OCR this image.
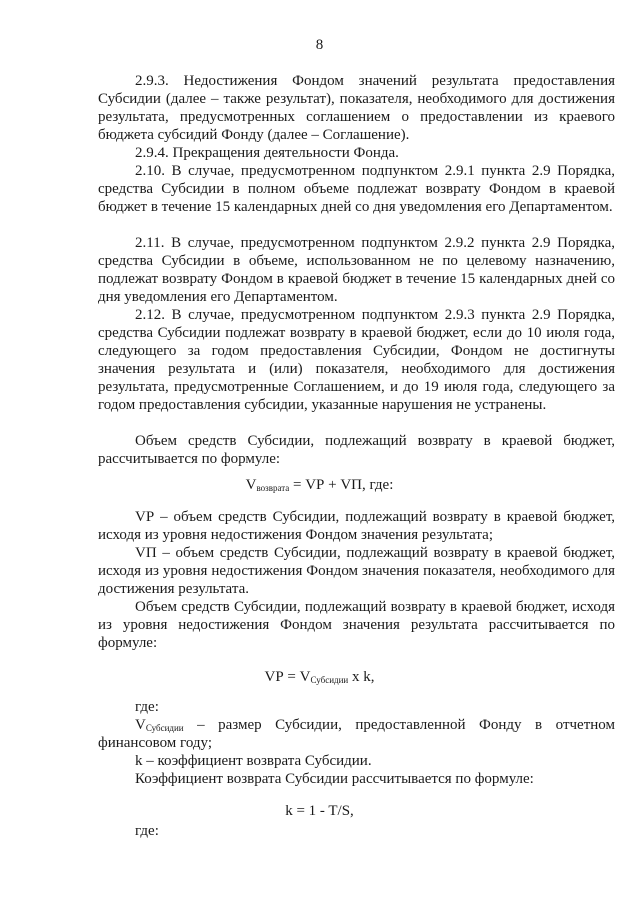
8

2.9.3. Недостижения Фондом значений результата предоставления Субсидии (далее – также результат), показателя, необходимого для достижения результата, предусмотренных соглашением о предоставлении из краевого бюджета субсидий Фонду (далее – Соглашение).

2.9.4. Прекращения деятельности Фонда.

2.10. В случае, предусмотренном подпунктом 2.9.1 пункта 2.9 Порядка, средства Субсидии в полном объеме подлежат возврату Фондом в краевой бюджет в течение 15 календарных дней со дня уведомления его Департаментом.

2.11. В случае, предусмотренном подпунктом 2.9.2 пункта 2.9 Порядка, средства Субсидии в объеме, использованном не по целевому назначению, подлежат возврату Фондом в краевой бюджет в течение 15 календарных дней со дня уведомления его Департаментом.

2.12. В случае, предусмотренном подпунктом 2.9.3 пункта 2.9 Порядка, средства Субсидии подлежат возврату в краевой бюджет, если до 10 июля года, следующего за годом предоставления Субсидии, Фондом не достигнуты значения результата и (или) показателя, необходимого для достижения результата, предусмотренные Соглашением, и до 19 июля года, следующего за годом предоставления субсидии, указанные нарушения не устранены.

Объем средств Субсидии, подлежащий возврату в краевой бюджет, рассчитывается по формуле:

$V_{возврата}$ = VР + VП, где:

VР – объем средств Субсидии, подлежащий возврату в краевой бюджет, исходя из уровня недостижения Фондом значения результата;

VП – объем средств Субсидии, подлежащий возврату в краевой бюджет, исходя из уровня недостижения Фондом значения показателя, необходимого для достижения результата.

Объем средств Субсидии, подлежащий возврату в краевой бюджет, исходя из уровня недостижения Фондом значения результата рассчитывается по формуле:

VР = $V_{Субсидии}$ x k,
где:

$V_{Субсидии}$ – размер Субсидии, предоставленной Фонду в отчетном финансовом году;

k – коэффициент возврата Субсидии.

Коэффициент возврата Субсидии рассчитывается по формуле:

k = 1 - T/S,
где:
